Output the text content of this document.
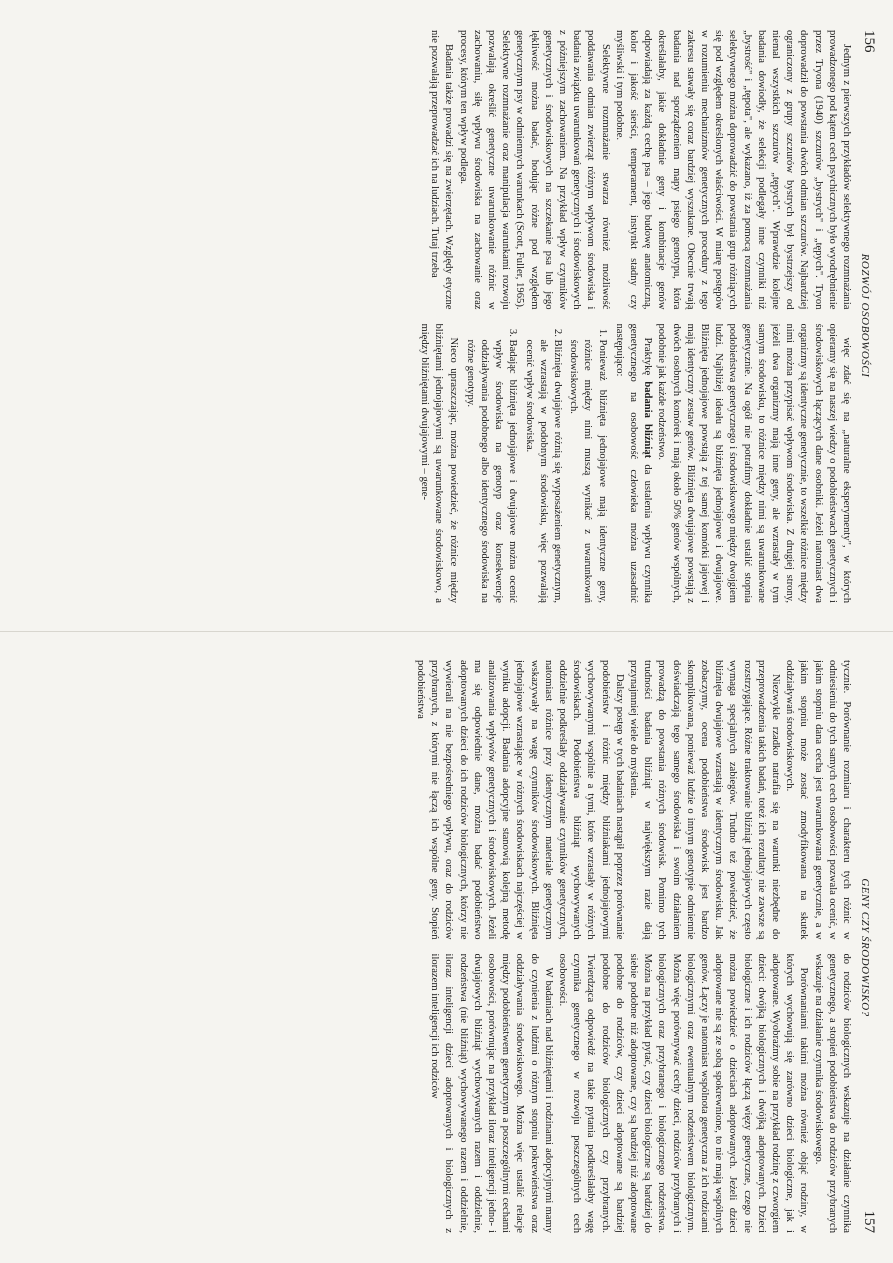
156
ROZWÓJ OSOBOWOŚCI

Jednym z pierwszych przykładów selektywnego rozmnażania prowadzonego pod kątem cech psychicznych było wyodrębnienie przez Tryona (1940) szczurów „bystrych" i „tępych". Tryon doprowadził do powstania dwóch odmian szczurów. Najbardziej ograniczony z grupy szczurów bystrych był bystrzejszy od niemal wszystkich szczurów „tępych". Wprawdzie kolejne badania dowiodły, że selekcji podlegały inne czynniki niż „bystrość" i „tępota", ale wykazano, iż za pomocą rozmnażania selektywnego można doprowadzić do powstania grup różniących się pod względem określonych właściwości. W miarę postępów w rozumieniu mechanizmów genetycznych procedury z tego zakresu stawały się coraz bardziej wyszukane. Obecnie trwają badania nad sporządzeniem mapy psiego genotypu, która określałaby, jakie dokładnie geny i kombinacje genów odpowiadają za każdą cechę psa – jego budowę anatomiczną, kolor i jakość sierści, temperament, instynkt stadny czy myśliwski i tym podobne.

Selektywne rozmnażanie stwarza również możliwość poddawania odmian zwierząt różnym wpływom środowiska i badania związku uwarunkowań genetycznych i środowiskowych z późniejszym zachowaniem. Na przykład wpływ czynników genetycznych i środowiskowych na szczekanie psa lub jego lękliwość można badać, hodując różne pod względem genetycznym psy w odmiennych warunkach (Scott, Fuller, 1965). Selektywne rozmnażanie oraz manipulacja warunkami rozwoju pozwalają określić genetyczne uwarunkowanie różnic w zachowaniu, siłę wpływu środowiska na zachowanie oraz procesy, którym ten wpływ podlega.

Badania także prowadzi się na zwierzętach. Względy etyczne nie pozwalają przeprowadzać ich na ludziach. Tutaj trzeba

więc zdać się na „naturalne eksperymenty", w których opieramy się na naszej wiedzy o podobieństwach genetycznych i środowiskowych łączących dane osobniki. Jeżeli natomiast dwa organizmy są identyczne genetycznie, to wszelkie różnice między nimi można przypisać wpływom środowiska. Z drugiej strony, jeżeli dwa organizmy mają inne geny, ale wzrastały w tym samym środowisku, to różnice między nimi są uwarunkowane genetycznie. Na ogół nie potrafimy dokładnie ustalić stopnia podobieństwa genetycznego i środowiskowego między dwojgiem ludzi. Najbliżej ideału są bliźnięta jednojajowe i dwujajowe. Bliźnięta jednojajowe powstają z tej samej komórki jajowej i mają identyczny zestaw genów. Bliźnięta dwujajowe powstają z dwóch osobnych komórek i mają około 50% genów wspólnych, podobnie jak każde rodzeństwo.

Praktykę badania bliźniąt da ustalenia wpływu czynnika genetycznego na osobowość człowieka można uzasadnić następująco:

1. Ponieważ bliźnięta jednojajowe mają identyczne geny, różnice między nimi muszą wynikać z uwarunkowań środowiskowych.
2. Bliźnięta dwujajowe różnią się wyposażeniem genetycznym, ale wzrastają w podobnym środowisku, więc pozwalają ocenić wpływ środowiska.
3. Badając bliźnięta jednojajowe i dwujajowe można ocenić wpływ środowiska na genotyp oraz konsekwencje oddziaływania podobnego albo identycznego środowiska na różne genotypy.

Nieco upraszczając, można powiedzieć, że różnice między bliźniętami jednojajowymi są uwarunkowane środowiskowo, a między bliźniętami dwujajowymi – gene-

GENY CZY ŚRODOWISKO?
157

tycznie. Porównanie rozmiaru i charakteru tych różnic w odniesieniu do tych samych cech osobowości pozwala ocenić, w jakim stopniu dana cecha jest uwarunkowana genetycznie, a w jakim stopniu może zostać zmodyfikowana na skutek oddziaływań środowiskowych.

Niezwykle rzadko natrafia się na warunki niezbędne do przeprowadzenia takich badań, toteż ich rezultaty nie zawsze są rozstrzygające. Różne traktowanie bliźniąt jednojajowych często wymaga specjalnych zabiegów. Trudno też powiedzieć, że bliźnięta dwujajowe wzrastają w identycznym środowisku. Jak zobaczymy, ocena podobieństwa środowisk jest bardzo skomplikowana, ponieważ ludzie o innym genotypie odmiennie doświadczają tego samego środowiska i swoim działaniem prowadzą do powstania różnych środowisk. Pomimo tych trudności badania bliźniąt w największym razie dają przynajmniej wiele do myślenia.

Dalszy postęp w tych badaniach nastąpił poprzez porównanie podobieństw i różnic między bliźniakami jednojajowymi wychowywanymi wspólnie a tymi, które wzrastały w różnych środowiskach. Podobieństwa bliźniąt wychowywanych oddzielnie podkreślały oddziaływanie czynników genetycznych, natomiast różnice przy identycznym materiale genetycznym wskazywały na wagę czynników środowiskowych. Bliźnięta jednojajowe wzrastające w różnych środowiskach najczęściej w wyniku adopcji. Badania adopcyjne stanowią kolejną metodę analizowania wpływów genetycznych i środowiskowych. Jeżeli ma się odpowiednie dane, można badać podobieństwo adoptowanych dzieci do ich rodziców biologicznych, którzy nie wywierali na nie bezpośredniego wpływu, oraz do rodziców przybranych, z którymi nie łączą ich wspólne geny. Stopień podobieństwa

do rodziców biologicznych wskazuje na działanie czynnika genetycznego, a stopień podobieństwa do rodziców przybranych wskazuje na działanie czynnika środowiskowego.

Porównaniami takimi można również objąć rodziny, w których wychowują się zarówno dzieci biologiczne, jak i adoptowane. Wyobraźmy sobie na przykład rodzinę z czworgiem dzieci: dwójką biologicznych i dwójką adoptowanych. Dzieci biologiczne i ich rodziców łączą więzy genetyczne, czego nie można powiedzieć o dzieciach adoptowanych. Jeżeli dzieci adoptowane nie są ze sobą spokrewnione, to nie mają wspólnych genów. Łączy je natomiast wspólnota genetyczna z ich rodzicami biologicznymi oraz ewentualnym rodzeństwem biologicznym. Można więc porównywać cechy dzieci, rodziców przybranych i biologicznych oraz przybranego i biologicznego rodzeństwa. Można na przykład pytać, czy dzieci biologiczne są bardziej do siebie podobne niż adoptowane, czy są bardziej niż adoptowane podobne do rodziców, czy dzieci adoptowane są bardziej podobne do rodziców biologicznych czy przybranych. Twierdząca odpowiedź na takie pytania podkreślałaby wagę czynnika genetycznego w rozwoju poszczególnych cech osobowości.

W badaniach nad bliźniętami i rodzinami adopcyjnymi mamy do czynienia z ludźmi o różnym stopniu pokrewieństwa oraz oddziaływania środowiskowego. Można więc ustalić relacje między podobieństwem genetycznym a poszczególnymi cechami osobowości, porównując na przykład iloraz inteligencji jedno- i dwujajowych bliźniąt wychowywanych razem i oddzielnie, rodzeństwa (nie bliźniąt) wychowywanego razem i oddzielnie, iloraz inteligencji dzieci adoptowanych i biologicznych z ilorazem inteligencji ich rodziców
